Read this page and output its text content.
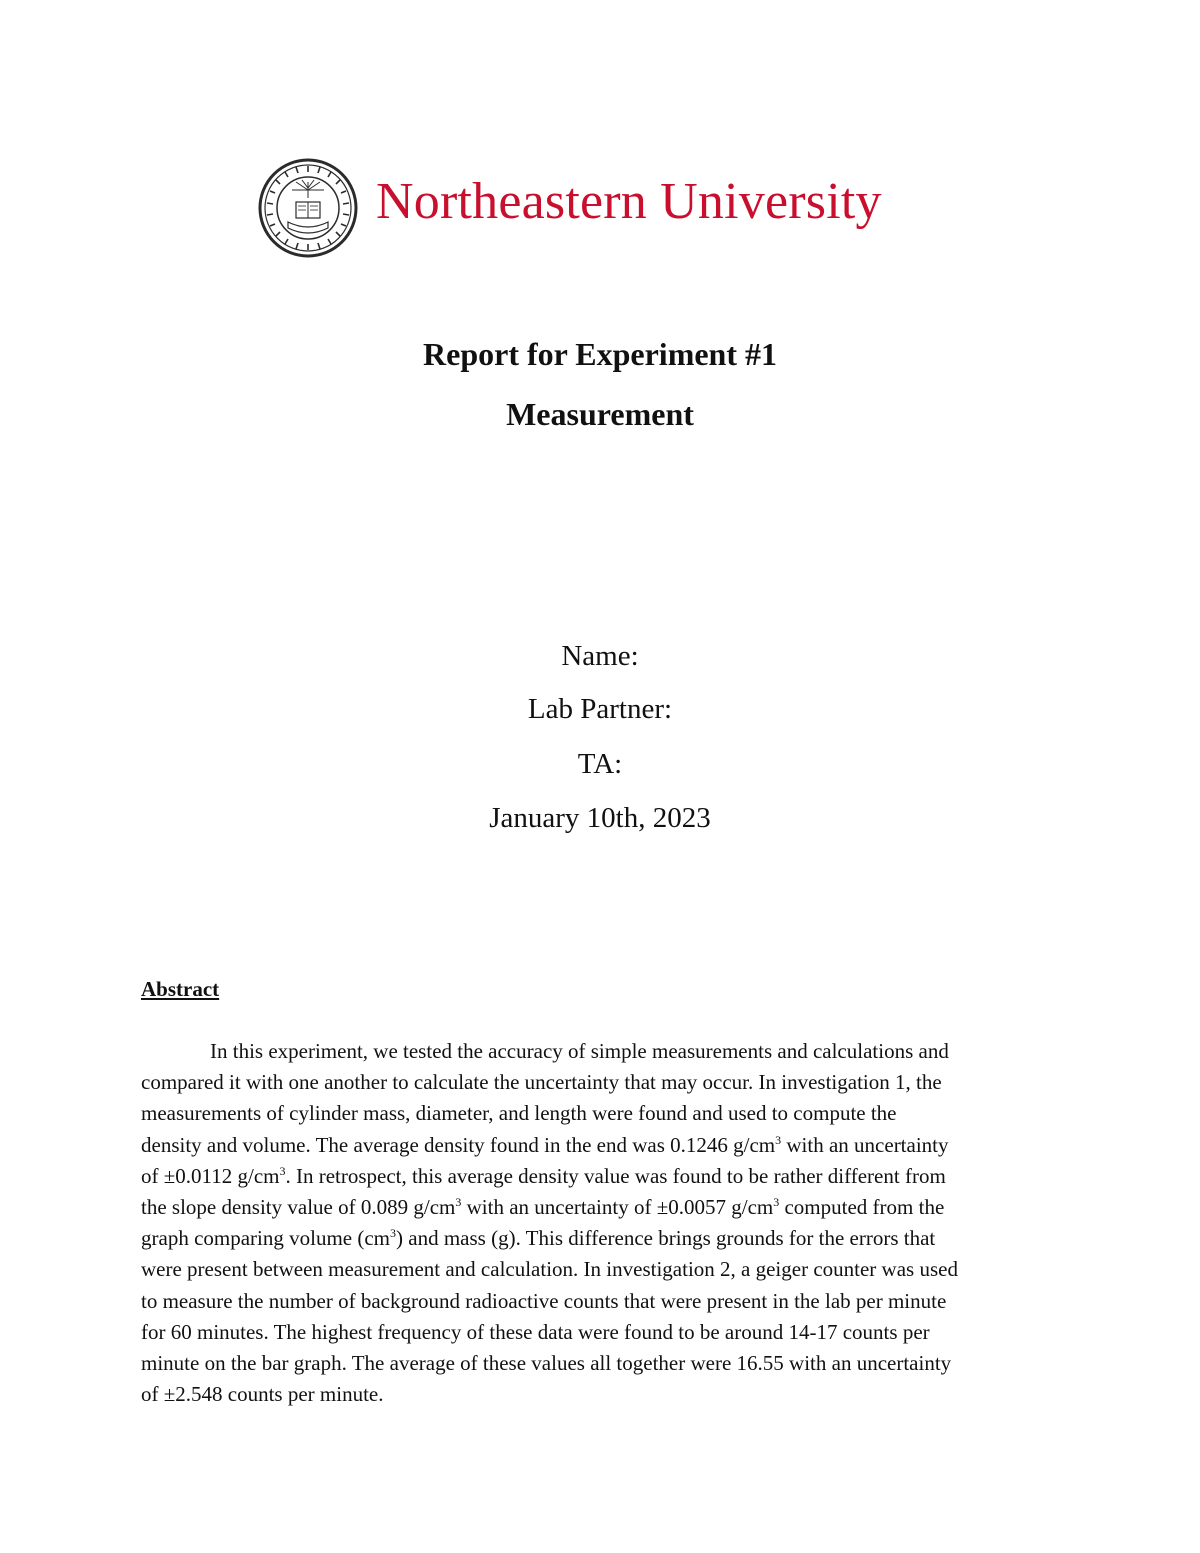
Northeastern University
Report for Experiment #1
Measurement
Name:
Lab Partner:
TA:
January 10th, 2023
Abstract
In this experiment, we tested the accuracy of simple measurements and calculations and
compared it with one another to calculate the uncertainty that may occur. In investigation 1, the
measurements of cylinder mass, diameter, and length were found and used to compute the
density and volume. The average density found in the end was 0.1246 $g/cm^3$ with an uncertainty
of ±0.0112 $g/cm^3$. In retrospect, this average density value was found to be rather different from
the slope density value of 0.089 $g/cm^3$ with an uncertainty of ±0.0057 $g/cm^3$ computed from the
graph comparing volume $(cm^3)$ and mass (g). This difference brings grounds for the errors that
were present between measurement and calculation. In investigation 2, a geiger counter was used
to measure the number of background radioactive counts that were present in the lab per minute
for 60 minutes. The highest frequency of these data were found to be around 14-17 counts per
minute on the bar graph. The average of these values all together were 16.55 with an uncertainty
of ±2.548 counts per minute.
